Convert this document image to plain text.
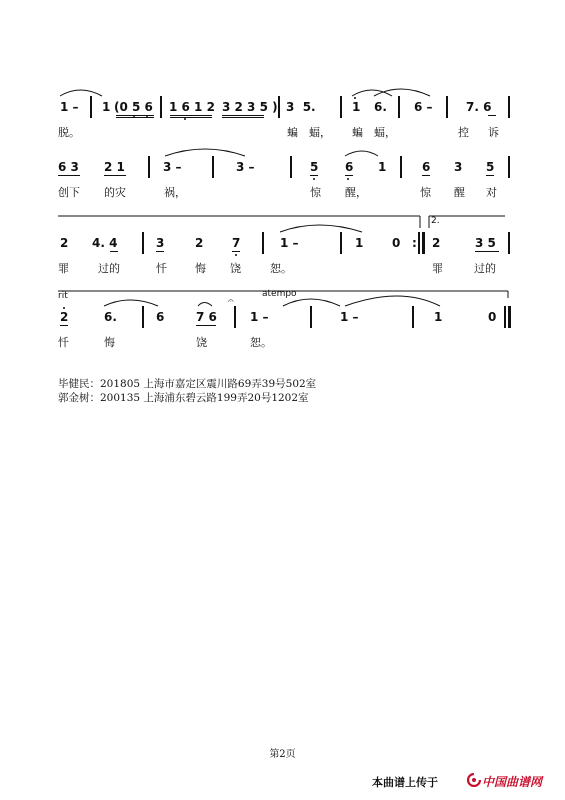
1 – 1 (0 5 6 1 6 1 2 3 2 3 5 ) 3  5.	1 6. 6 –	7. 6
脱。	蝙 蝠， 蝙 蝠，	控 诉
6 3 2 1	3 –	3 –	5 6 1	6 3 5
创下 的灾	祸，	惊 醒，	惊 醒 对
2.
2 4. 4	3	2 7	1 –	1 0 : 2	3 5
罪	过的	忏	悔 饶	恕。	罪	过的
rit	atempo
𝄐
2	6.	6	7 6	1 –	1 –	1	0
忏	悔	饶	恕。
毕健民：201805 上海市嘉定区震川路69弄39号502室
郭金树：200135 上海浦东碧云路199弄20号1202室
第2页
本曲谱上传于	中国曲谱网
